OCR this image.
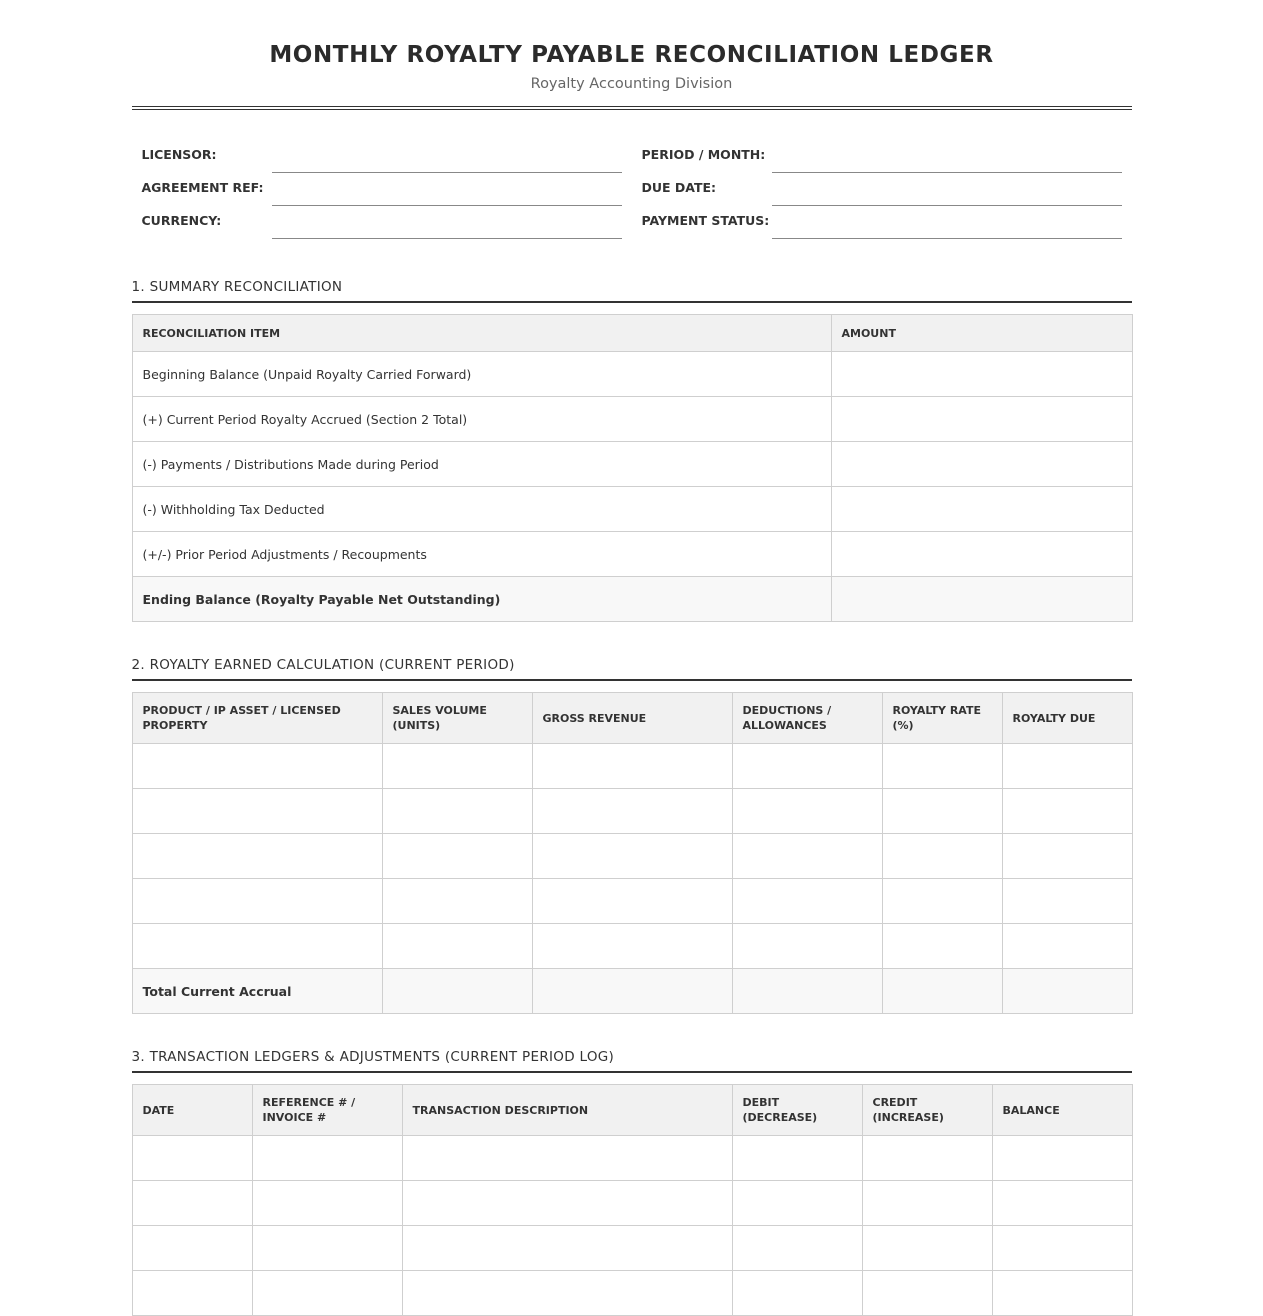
MONTHLY ROYALTY PAYABLE RECONCILIATION LEDGER
Royalty Accounting Division
LICENSOR:	PERIOD / MONTH:
AGREEMENT REF:	DUE DATE:
CURRENCY:	PAYMENT STATUS:
1. SUMMARY RECONCILIATION
RECONCILIATION ITEM	AMOUNT
Beginning Balance (Unpaid Royalty Carried Forward)	
(+) Current Period Royalty Accrued (Section 2 Total)	
(-) Payments / Distributions Made during Period	
(-) Withholding Tax Deducted	
(+/-) Prior Period Adjustments / Recoupments	
Ending Balance (Royalty Payable Net Outstanding)	
2. ROYALTY EARNED CALCULATION (CURRENT PERIOD)
PRODUCT / IP ASSET / LICENSED PROPERTY	SALES VOLUME (UNITS)	GROSS REVENUE	DEDUCTIONS / ALLOWANCES	ROYALTY RATE (%)	ROYALTY DUE

Total Current Accrual					
3. TRANSACTION LEDGERS & ADJUSTMENTS (CURRENT PERIOD LOG)
DATE	REFERENCE # / INVOICE #	TRANSACTION DESCRIPTION	DEBIT (DECREASE)	CREDIT (INCREASE)	BALANCE
